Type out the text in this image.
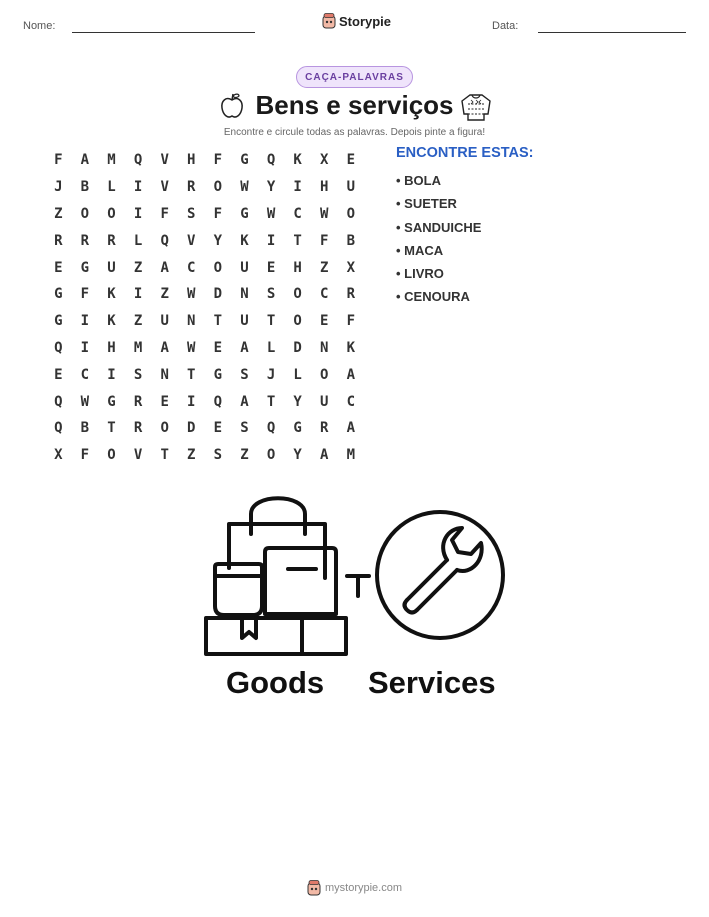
Nome:	Storypie	Data:
CAÇA-PALAVRAS
Bens e serviços
Encontre e circule todas as palavras. Depois pinte a figura!
F	A	M	Q	V	H	F	G	Q	K	X	E
J	B	L	I	V	R	O	W	Y	I	H	U
Z	O	O	I	F	S	F	G	W	C	W	O
R	R	R	L	Q	V	Y	K	I	T	F	B
E	G	U	Z	A	C	O	U	E	H	Z	X
G	F	K	I	Z	W	D	N	S	O	C	R
G	I	K	Z	U	N	T	U	T	O	E	F
Q	I	H	M	A	W	E	A	L	D	N	K
E	C	I	S	N	T	G	S	J	L	O	A
Q	W	G	R	E	I	Q	A	T	Y	U	C
Q	B	T	R	O	D	E	S	Q	G	R	A
X	F	O	V	T	Z	S	Z	O	Y	A	M
ENCONTRE ESTAS:
• BOLA
• SUETER
• SANDUICHE
• MACA
• LIVRO
• CENOURA
Goods Services
mystorypie.com
